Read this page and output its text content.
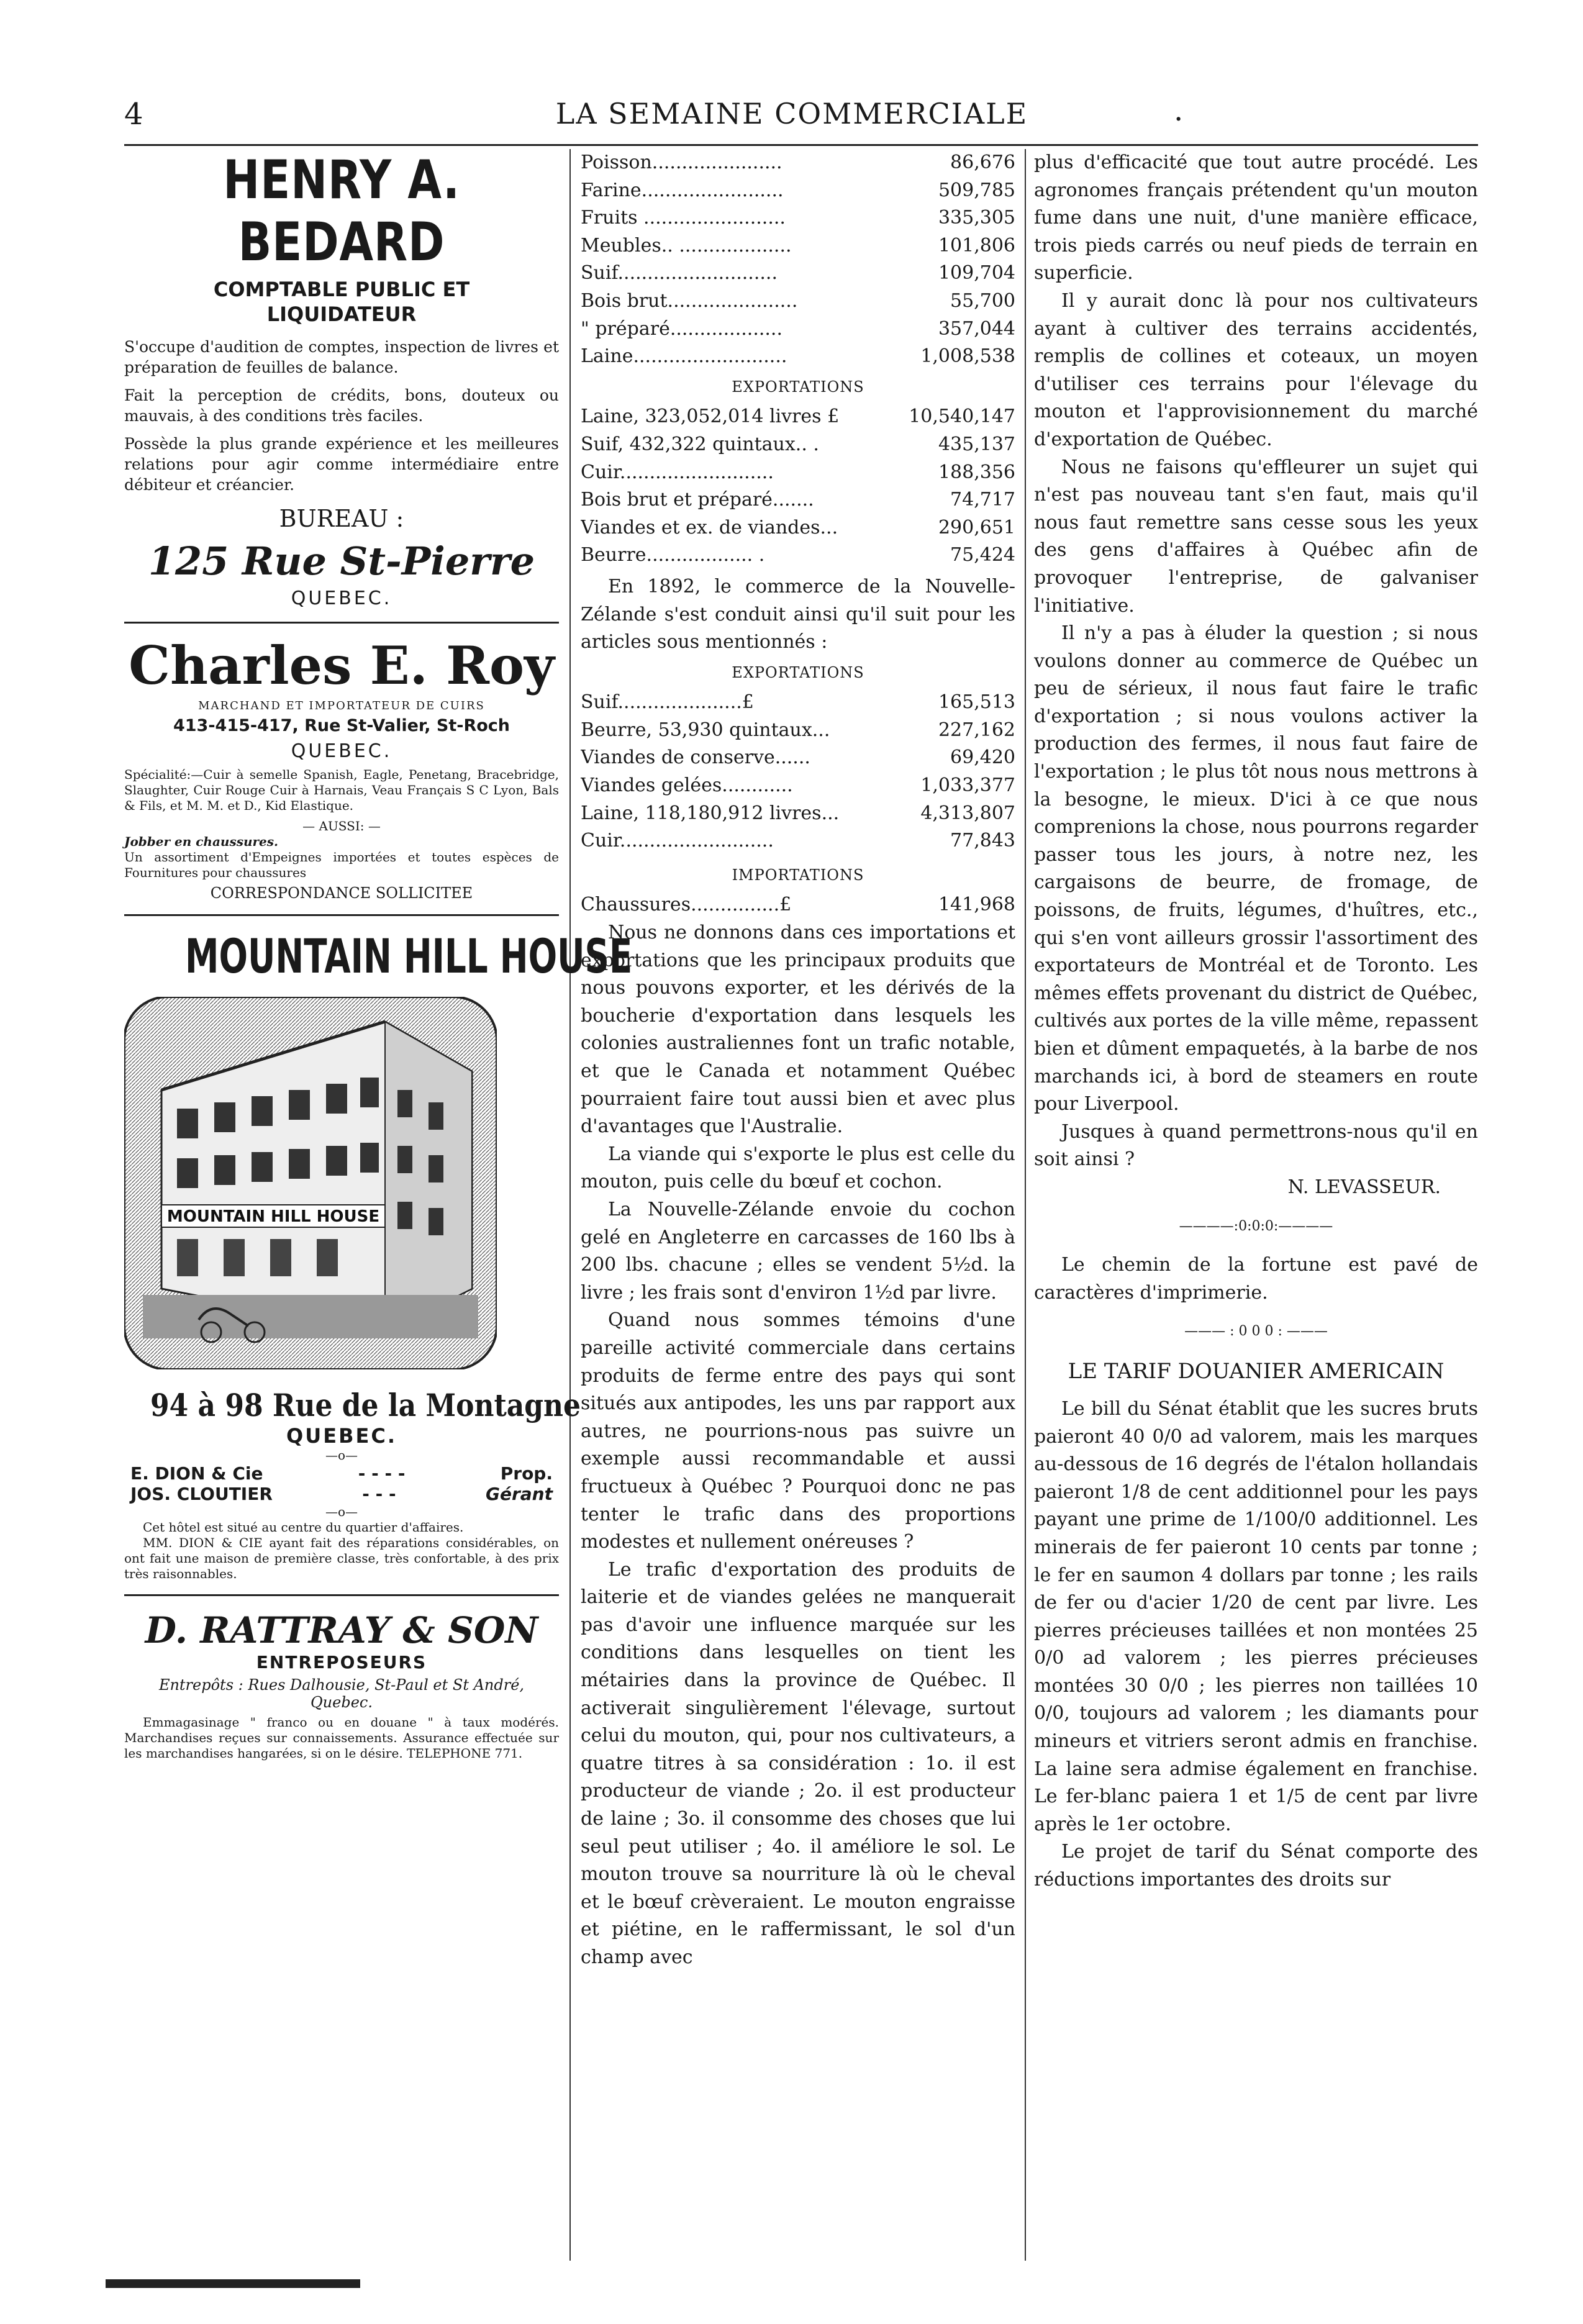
4	LA SEMAINE COMMERCIALE	.
HENRY A. BEDARD
COMPTABLE PUBLIC ET LIQUIDATEUR

S'occupe d'audition de comptes, inspection de livres et préparation de feuilles de balance.

Fait la perception de crédits, bons, douteux ou mauvais, à des conditions très faciles.

Possède la plus grande expérience et les meilleures relations pour agir comme intermédiaire entre débiteur et créancier.

BUREAU :
125 Rue St-Pierre
QUEBEC.
Charles E. Roy
MARCHAND ET IMPORTATEUR DE CUIRS
413-415-417, Rue St-Valier, St-Roch
QUEBEC.

Spécialité:—Cuir à semelle Spanish, Eagle, Penetang, Bracebridge, Slaughter, Cuir Rouge Cuir à Harnais, Veau Français S C Lyon, Bals & Fils, et M. M. et D., Kid Elastique.

— AUSSI: —
Jobber en chaussures.

Un assortiment d'Empeignes importées et toutes espèces de Fournitures pour chaussures

CORRESPONDANCE SOLLICITEE
MOUNTAIN HILL HOUSE
MOUNTAIN HILL HOUSE
94 à 98 Rue de la Montagne
QUEBEC.
—o—
E. DION & Cie	- - - -	Prop.
JOS. CLOUTIER	- - -	Gérant
—o—

Cet hôtel est situé au centre du quartier d'affaires.

MM. DION & CIE ayant fait des réparations considérables, on ont fait une maison de première classe, très confortable, à des prix très raisonnables.

D. RATTRAY & SON
ENTREPOSEURS
Entrepôts : Rues Dalhousie, St-Paul et St André, Quebec.

Emmagasinage " franco ou en douane " à taux modérés. Marchandises reçues sur connaissements. Assurance effectuée sur les marchandises hangarées, si on le désire. TELEPHONE 771.

Poisson......................	86,676
Farine........................	509,785
Fruits ........................	335,305
Meubles.. ...................	101,806
Suif...........................	109,704
Bois brut......................	55,700
" préparé...................	357,044
Laine..........................	1,008,538
EXPORTATIONS
Laine, 323,052,014 livres £	10,540,147
Suif, 432,322 quintaux.. .	435,137
Cuir..........................	188,356
Bois brut et préparé.......	74,717
Viandes et ex. de viandes...	290,651
Beurre.................. .	75,424

En 1892, le commerce de la Nouvelle-Zélande s'est conduit ainsi qu'il suit pour les articles sous mentionnés :

EXPORTATIONS
Suif.....................£	165,513
Beurre, 53,930 quintaux...	227,162
Viandes de conserve......	69,420
Viandes gelées............	1,033,377
Laine, 118,180,912 livres...	4,313,807
Cuir..........................	77,843
IMPORTATIONS
Chaussures...............£	141,968

Nous ne donnons dans ces importations et exportations que les principaux produits que nous pouvons exporter, et les dérivés de la boucherie d'exportation dans lesquels les colonies australiennes font un trafic notable, et que le Canada et notamment Québec pourraient faire tout aussi bien et avec plus d'avantages que l'Australie.

La viande qui s'exporte le plus est celle du mouton, puis celle du bœuf et cochon.

La Nouvelle-Zélande envoie du cochon gelé en Angleterre en carcasses de 160 lbs à 200 lbs. chacune ; elles se vendent 5½d. la livre ; les frais sont d'environ 1½d par livre.

Quand nous sommes témoins d'une pareille activité commerciale dans certains produits de ferme entre des pays qui sont situés aux antipodes, les uns par rapport aux autres, ne pourrions-nous pas suivre un exemple aussi recommandable et aussi fructueux à Québec ? Pourquoi donc ne pas tenter le trafic dans des proportions modestes et nullement onéreuses ?

Le trafic d'exportation des produits de laiterie et de viandes gelées ne manquerait pas d'avoir une influence marquée sur les conditions dans lesquelles on tient les métairies dans la province de Québec. Il activerait singulièrement l'élevage, surtout celui du mouton, qui, pour nos cultivateurs, a quatre titres à sa considération : 1o. il est producteur de viande ; 2o. il est producteur de laine ; 3o. il consomme des choses que lui seul peut utiliser ; 4o. il améliore le sol. Le mouton trouve sa nourriture là où le cheval et le bœuf crèveraient. Le mouton engraisse et piétine, en le raffermissant, le sol d'un champ avec

plus d'efficacité que tout autre procédé. Les agronomes français prétendent qu'un mouton fume dans une nuit, d'une manière efficace, trois pieds carrés ou neuf pieds de terrain en superficie.

Il y aurait donc là pour nos cultivateurs ayant à cultiver des terrains accidentés, remplis de collines et coteaux, un moyen d'utiliser ces terrains pour l'élevage du mouton et l'approvisionnement du marché d'exportation de Québec.

Nous ne faisons qu'effleurer un sujet qui n'est pas nouveau tant s'en faut, mais qu'il nous faut remettre sans cesse sous les yeux des gens d'affaires à Québec afin de provoquer l'entreprise, de galvaniser l'initiative.

Il n'y a pas à éluder la question ; si nous voulons donner au commerce de Québec un peu de sérieux, il nous faut faire le trafic d'exportation ; si nous voulons activer la production des fermes, il nous faut faire de l'exportation ; le plus tôt nous nous mettrons à la besogne, le mieux. D'ici à ce que nous comprenions la chose, nous pourrons regarder passer tous les jours, à notre nez, les cargaisons de beurre, de fromage, de poissons, de fruits, légumes, d'huîtres, etc., qui s'en vont ailleurs grossir l'assortiment des exportateurs de Montréal et de Toronto. Les mêmes effets provenant du district de Québec, cultivés aux portes de la ville même, repassent bien et dûment empaquetés, à la barbe de nos marchands ici, à bord de steamers en route pour Liverpool.

Jusques à quand permettrons-nous qu'il en soit ainsi ?

N. LEVASSEUR.
————:0:0:0:————

Le chemin de la fortune est pavé de caractères d'imprimerie.

——— : 0 0 0 : ———
LE TARIF DOUANIER AMERICAIN

Le bill du Sénat établit que les sucres bruts paieront 40 0/0 ad valorem, mais les marques au-dessous de 16 degrés de l'étalon hollandais paieront 1/8 de cent additionnel pour les pays payant une prime de 1/100/0 additionnel. Les minerais de fer paieront 10 cents par tonne ; le fer en saumon 4 dollars par tonne ; les rails de fer ou d'acier 1/20 de cent par livre. Les pierres précieuses taillées et non montées 25 0/0 ad valorem ; les pierres précieuses montées 30 0/0 ; les pierres non taillées 10 0/0, toujours ad valorem ; les diamants pour mineurs et vitriers seront admis en franchise. La laine sera admise également en franchise. Le fer-blanc paiera 1 et 1/5 de cent par livre après le 1er octobre.

Le projet de tarif du Sénat comporte des réductions importantes des droits sur
